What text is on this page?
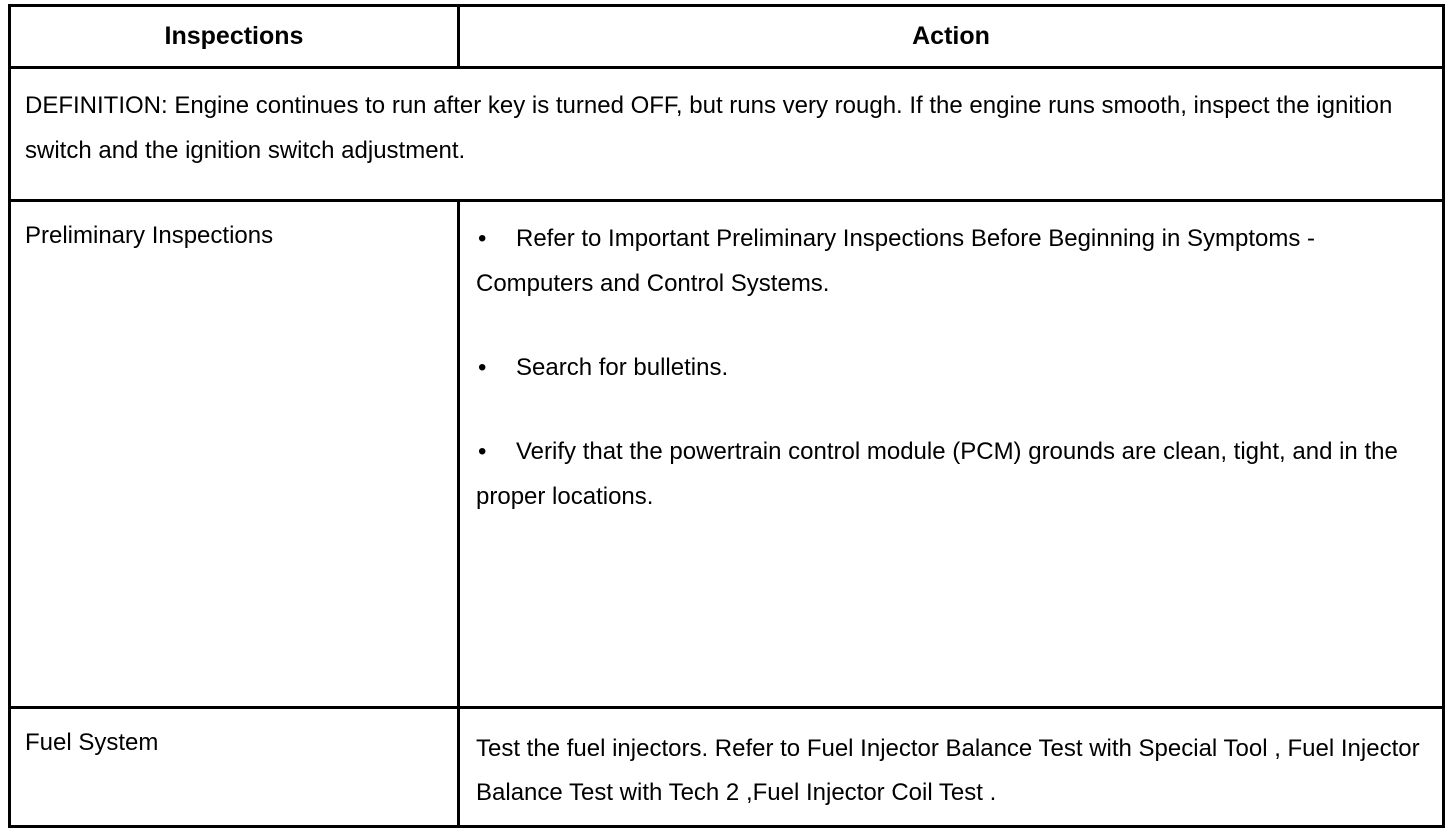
Inspections	Action
DEFINITION: Engine continues to run after key is turned OFF, but runs very rough. If the engine runs smooth, inspect the ignition switch and the ignition switch adjustment.	

Preliminary Inspections	• Refer to Important Preliminary Inspections Before Beginning in Symptoms - Computers and Control Systems.
• Search for bulletins.
• Verify that the powertrain control module (PCM) grounds are clean, tight, and in the proper locations.

Fuel System	Test the fuel injectors. Refer to Fuel Injector Balance Test with Special Tool , Fuel Injector Balance Test with Tech 2 ,Fuel Injector Coil Test .
